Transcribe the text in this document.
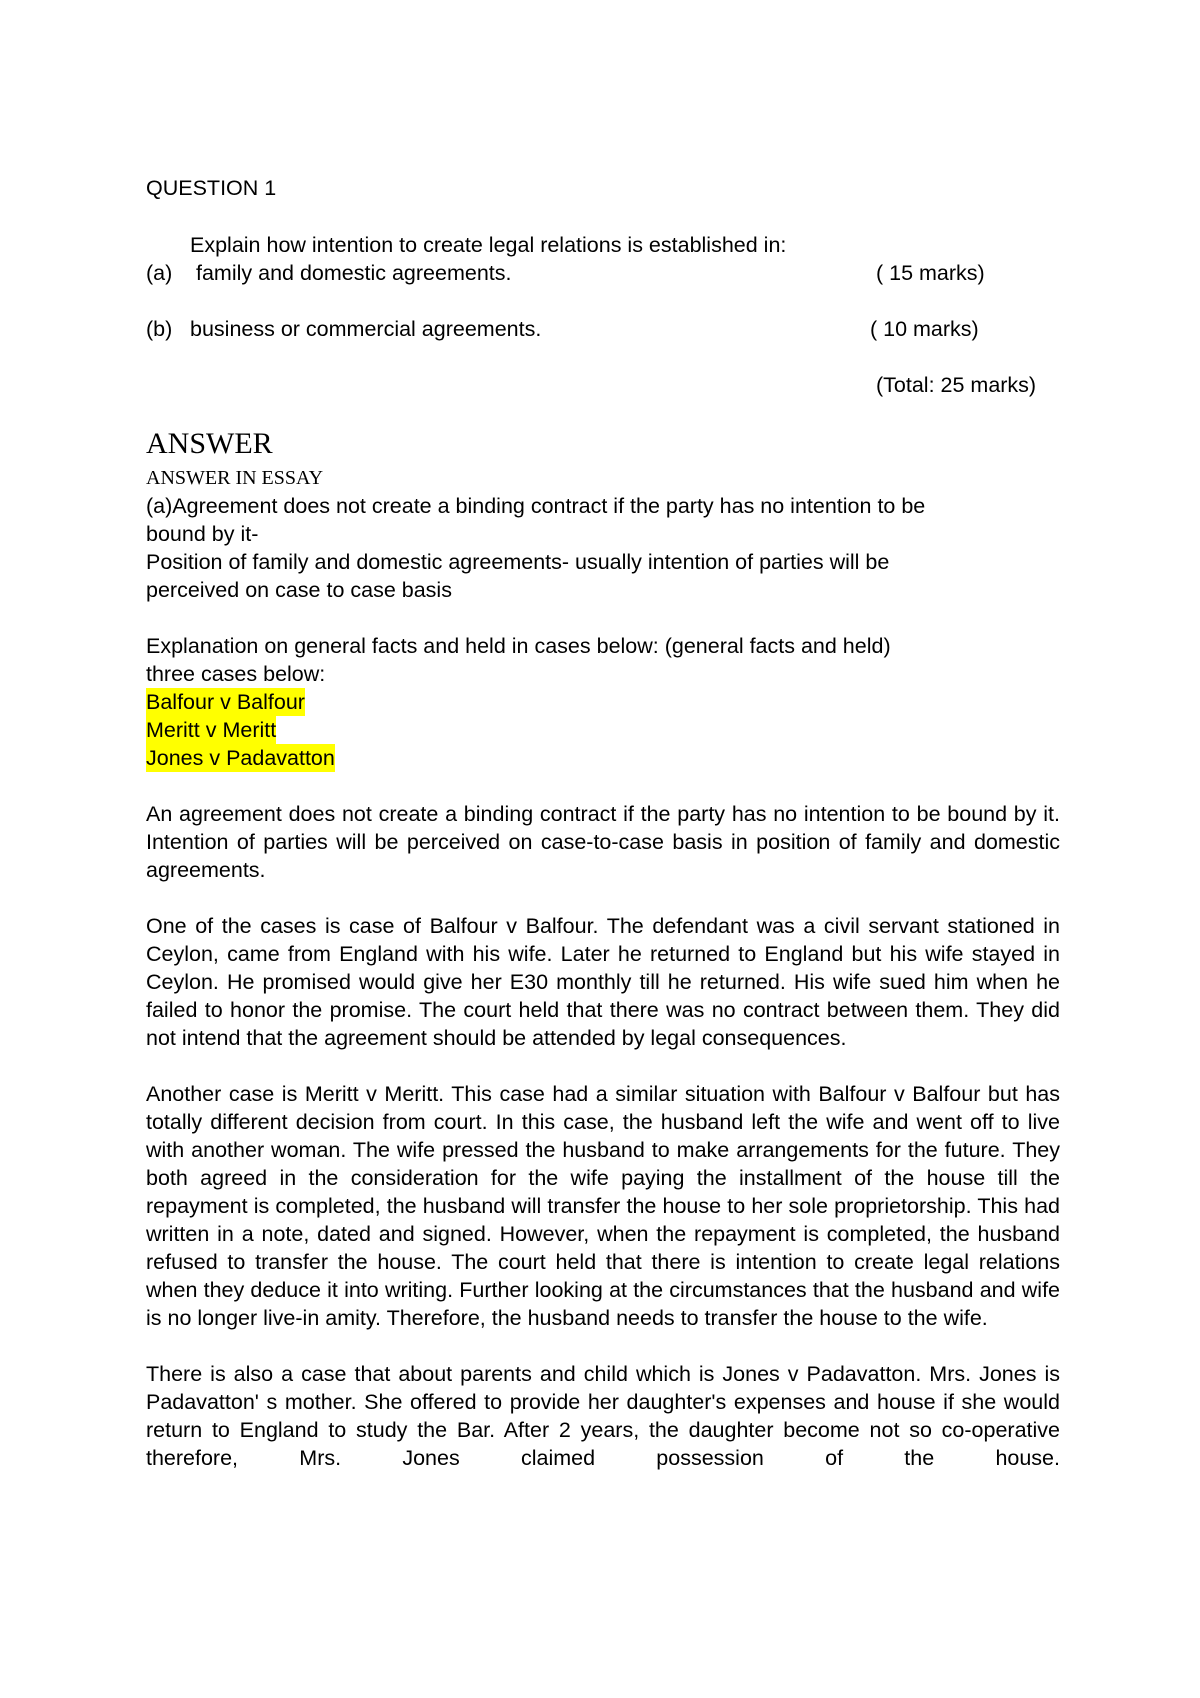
QUESTION 1
Explain how intention to create legal relations is established in:
(a) family and domestic agreements.	( 15 marks)
(b) business or commercial agreements.	( 10 marks)
(Total: 25 marks)
ANSWER
ANSWER IN ESSAY

(a)Agreement does not create a binding contract if the party has no intention to be

bound by it-

Position of family and domestic agreements- usually intention of parties will be

perceived on case to case basis

Explanation on general facts and held in cases below: (general facts and held)

three cases below:

Balfour v Balfour

Meritt v Meritt

Jones v Padavatton

An agreement does not create a binding contract if the party has no intention to be bound by it. Intention of parties will be perceived on case-to-case basis in position of family and domestic agreements.

One of the cases is case of Balfour v Balfour. The defendant was a civil servant stationed in Ceylon, came from England with his wife. Later he returned to England but his wife stayed in Ceylon. He promised would give her E30 monthly till he returned. His wife sued him when he failed to honor the promise. The court held that there was no contract between them. They did not intend that the agreement should be attended by legal consequences.

Another case is Meritt v Meritt. This case had a similar situation with Balfour v Balfour but has totally different decision from court. In this case, the husband left the wife and went off to live with another woman. The wife pressed the husband to make arrangements for the future. They both agreed in the consideration for the wife paying the installment of the house till the repayment is completed, the husband will transfer the house to her sole proprietorship. This had written in a note, dated and signed. However, when the repayment is completed, the husband refused to transfer the house. The court held that there is intention to create legal relations when they deduce it into writing. Further looking at the circumstances that the husband and wife is no longer live-in amity. Therefore, the husband needs to transfer the house to the wife.

There is also a case that about parents and child which is Jones v Padavatton. Mrs. Jones is Padavatton' s mother. She offered to provide her daughter's expenses and house if she would return to England to study the Bar. After 2 years, the daughter become not so co-operative therefore, Mrs. Jones claimed possession of the house.
